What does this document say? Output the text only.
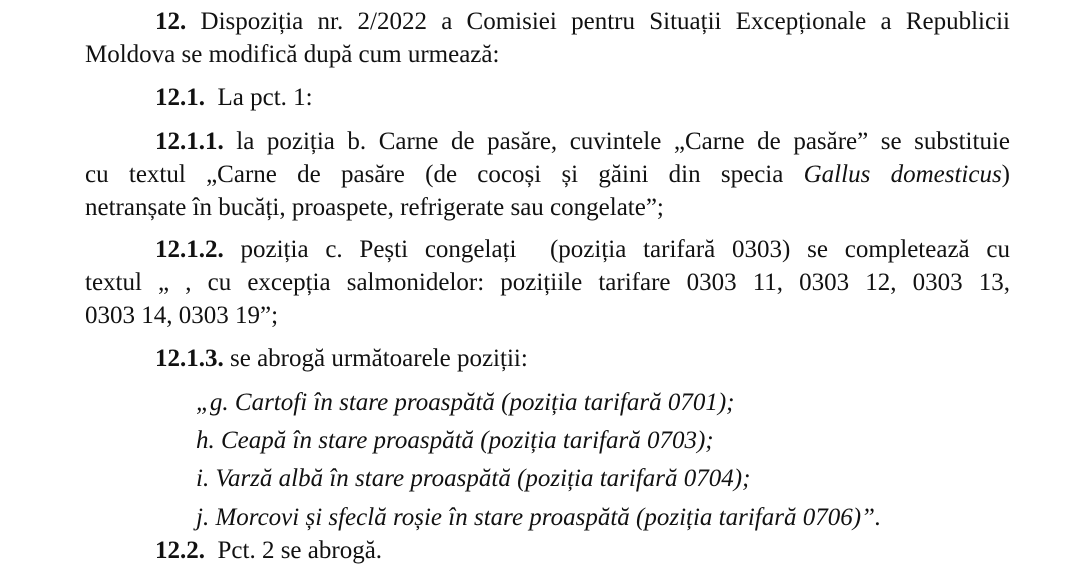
12. Dispoziția nr. 2/2022 a Comisiei pentru Situații Excepționale a Republicii
Moldova se modifică după cum urmează:
12.1.  La pct. 1:
12.1.1. la poziția b. Carne de pasăre, cuvintele „Carne de pasăre” se substituie
cu textul „Carne de pasăre (de cocoși și găini din specia Gallus domesticus)
netranșate în bucăți, proaspete, refrigerate sau congelate”;
12.1.2. poziția c. Pești congelați  (poziția tarifară 0303) se completează cu
textul „ , cu excepția salmonidelor: pozițiile tarifare 0303 11, 0303 12, 0303 13,
0303 14, 0303 19”;
12.1.3. se abrogă următoarele poziții:
„g. Cartofi în stare proaspătă (poziția tarifară 0701);
h. Ceapă în stare proaspătă (poziția tarifară 0703);
i. Varză albă în stare proaspătă (poziția tarifară 0704);
j. Morcovi și sfeclă roșie în stare proaspătă (poziția tarifară 0706)”.
12.2.  Pct. 2 se abrogă.
